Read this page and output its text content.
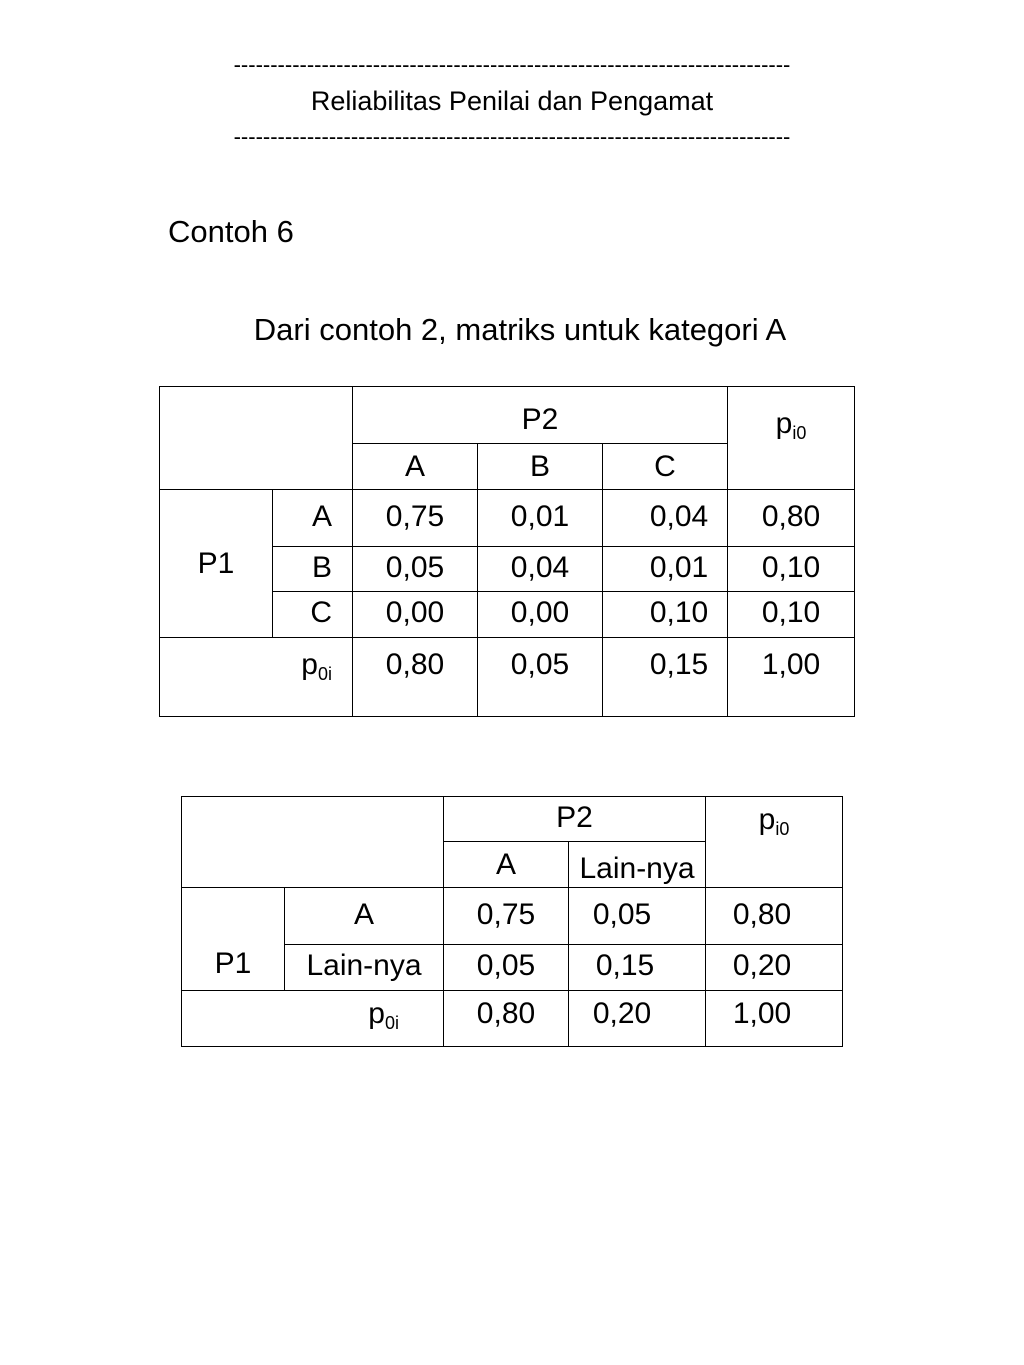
----------------------------------------------------------------------------
Reliabilitas Penilai dan Pengamat
----------------------------------------------------------------------------
Contoh 6
Dari contoh 2, matriks untuk kategori A
		P2			$p_{i0}$
		A	B	C	
P1	A	0,75	0,01	0,04	0,80
	B	0,05	0,04	0,01	0,10
	C	0,00	0,00	0,10	0,10
$p_{0i}$		0,80	0,05	0,15	1,00
		P2		$p_{i0}$
		A	Lain-nya	
P1	A	0,75	0,05	0,80
	Lain-nya	0,05	0,15	0,20
$p_{0i}$		0,80	0,20	1,00
